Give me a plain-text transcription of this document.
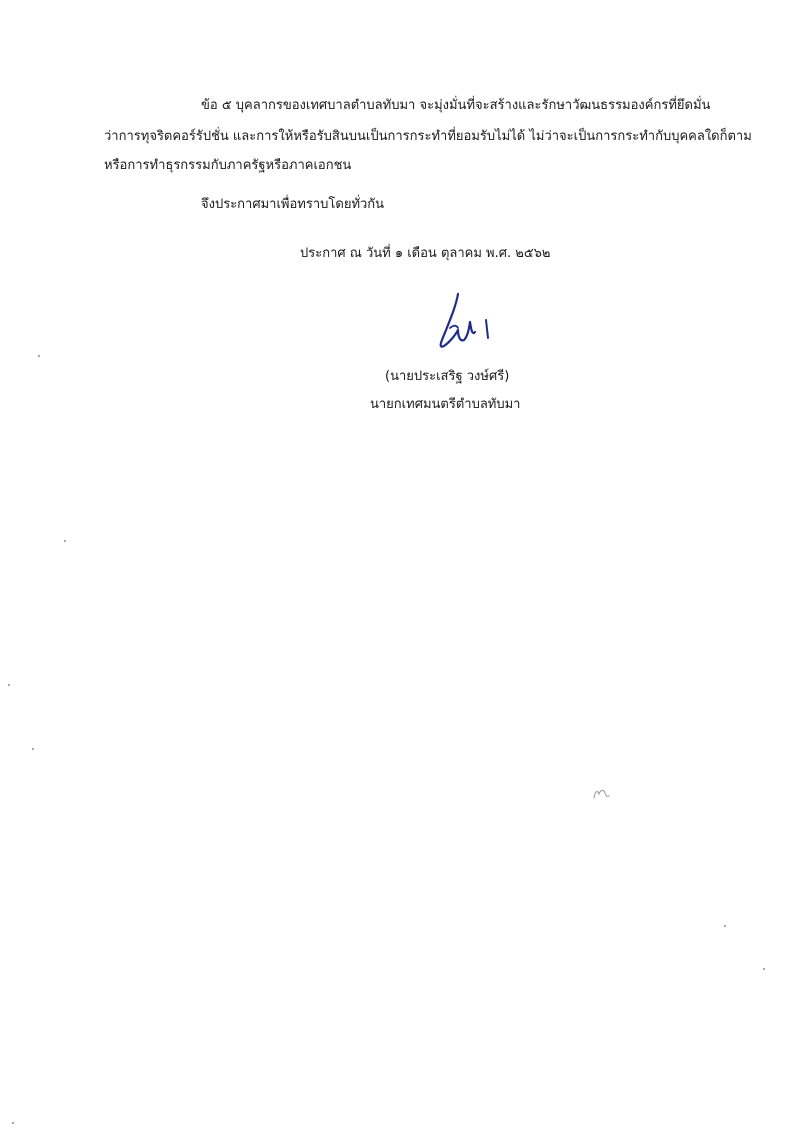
ข้อ ๕ บุคลากรของเทศบาลตำบลทับมา จะมุ่งมั่นที่จะสร้างและรักษาวัฒนธรรมองค์กรที่ยึดมั่น
ว่าการทุจริตคอร์รัปชั่น และการให้หรือรับสินบนเป็นการกระทำที่ยอมรับไม่ได้ ไม่ว่าจะเป็นการกระทำกับบุคคลใดก็ตาม
หรือการทำธุรกรรมกับภาครัฐหรือภาคเอกชน
จึงประกาศมาเพื่อทราบโดยทั่วกัน
ประกาศ ณ วันที่ ๑ เดือน ตุลาคม พ.ศ. ๒๕๖๒
(นายประเสริฐ วงษ์ศรี)
นายกเทศมนตรีตำบลทับมา
